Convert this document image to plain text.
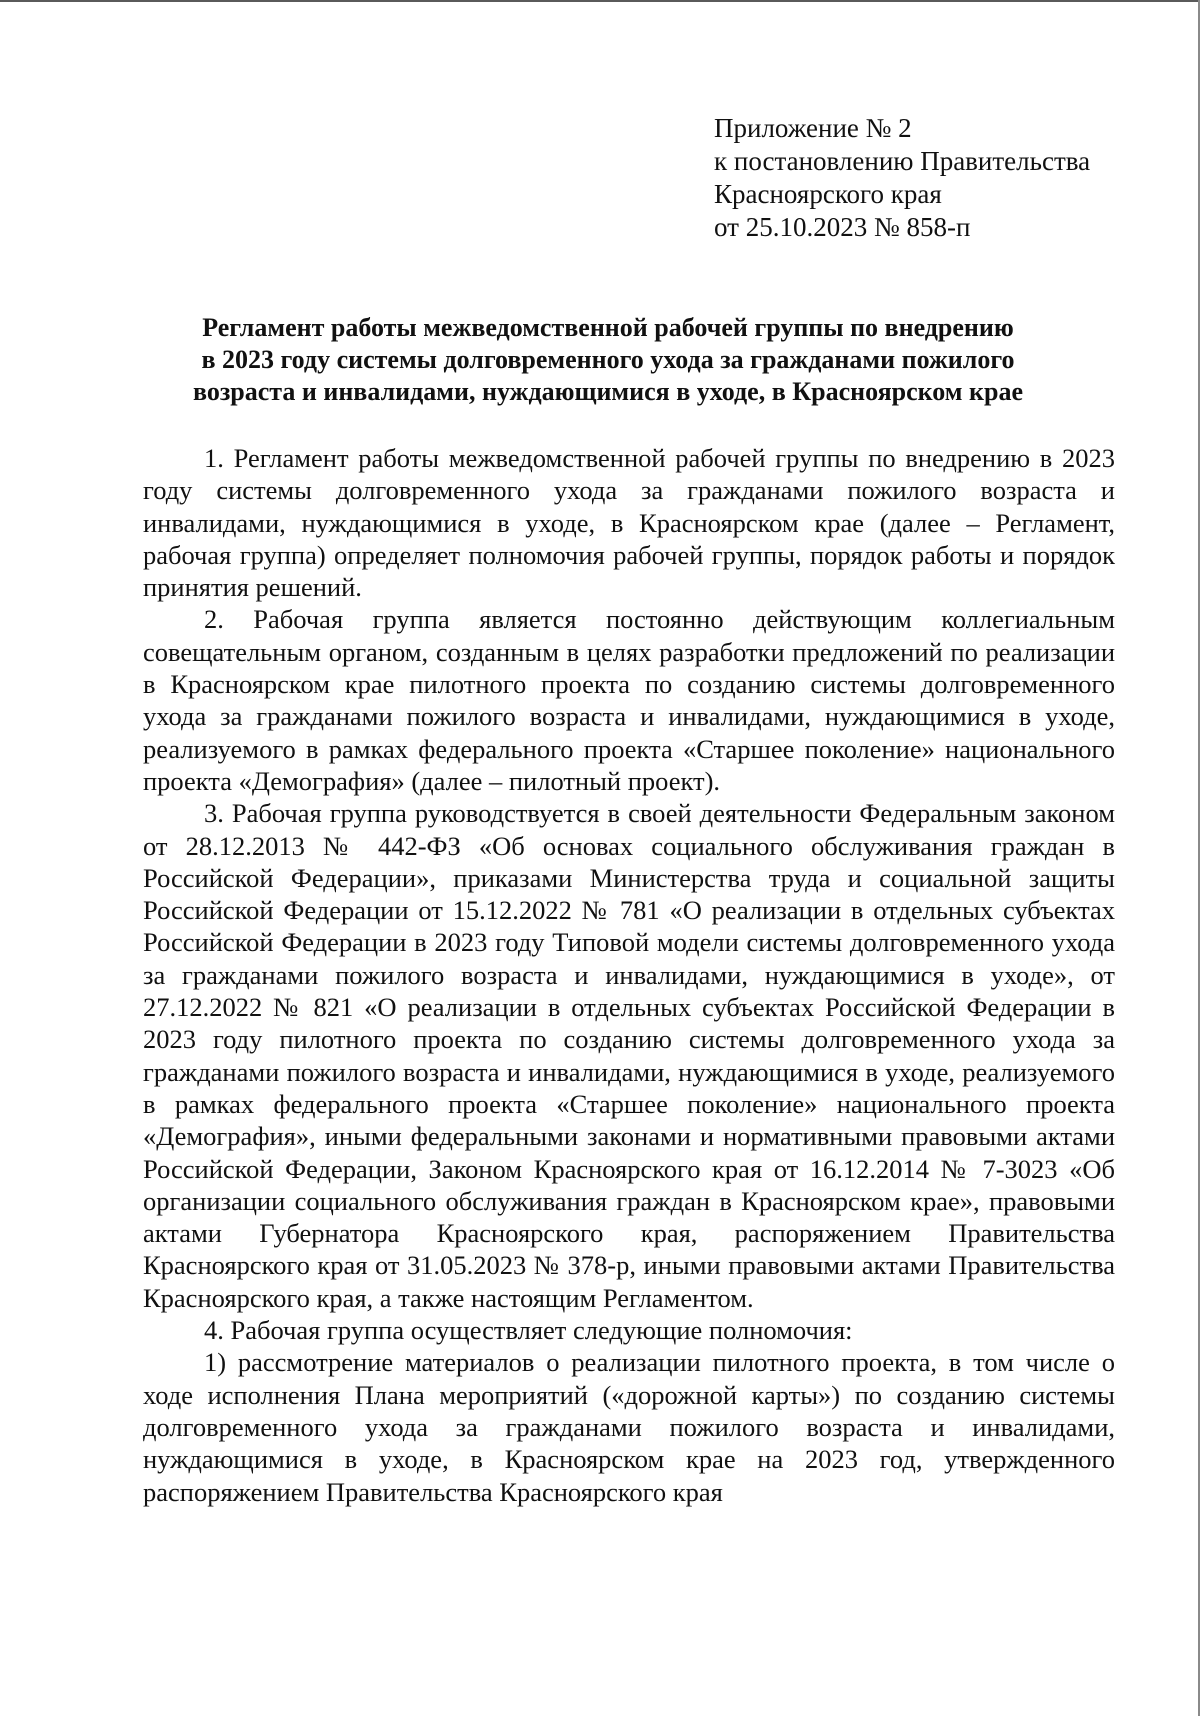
Приложение № 2
к постановлению Правительства
Красноярского края
от 25.10.2023 № 858-п
Регламент работы межведомственной рабочей группы по внедрению
в 2023 году системы долговременного ухода за гражданами пожилого
возраста и инвалидами, нуждающимися в уходе, в Красноярском крае

1. Регламент работы межведомственной рабочей группы по внедрению в 2023 году системы долговременного ухода за гражданами пожилого возраста и инвалидами, нуждающимися в уходе, в Красноярском крае (далее – Регламент, рабочая группа) определяет полномочия рабочей группы, порядок работы и порядок принятия решений.

2. Рабочая группа является постоянно действующим коллегиальным совещательным органом, созданным в целях разработки предложений по реализации в Красноярском крае пилотного проекта по созданию системы долговременного ухода за гражданами пожилого возраста и инвалидами, нуждающимися в уходе, реализуемого в рамках федерального проекта «Старшее поколение» национального проекта «Демография» (далее – пилотный проект).

3. Рабочая группа руководствуется в своей деятельности Федеральным законом от 28.12.2013 № 442-ФЗ «Об основах социального обслуживания граждан в Российской Федерации», приказами Министерства труда и социальной защиты Российской Федерации от 15.12.2022 № 781 «О реализации в отдельных субъектах Российской Федерации в 2023 году Типовой модели системы долговременного ухода за гражданами пожилого возраста и инвалидами, нуждающимися в уходе», от 27.12.2022 № 821 «О реализации в отдельных субъектах Российской Федерации в 2023 году пилотного проекта по созданию системы долговременного ухода за гражданами пожилого возраста и инвалидами, нуждающимися в уходе, реализуемого в рамках федерального проекта «Старшее поколение» национального проекта «Демография», иными федеральными законами и нормативными правовыми актами Российской Федерации, Законом Красноярского края от 16.12.2014 № 7-3023 «Об организации социального обслуживания граждан в Красноярском крае», правовыми актами Губернатора Красноярского края, распоряжением Правительства Красноярского края от 31.05.2023 № 378-р, иными правовыми актами Правительства Красноярского края, а также настоящим Регламентом.

4. Рабочая группа осуществляет следующие полномочия:

1) рассмотрение материалов о реализации пилотного проекта, в том числе о ходе исполнения Плана мероприятий («дорожной карты») по созданию системы долговременного ухода за гражданами пожилого возраста и инвалидами, нуждающимися в уходе, в Красноярском крае на 2023 год, утвержденного распоряжением Правительства Красноярского края
